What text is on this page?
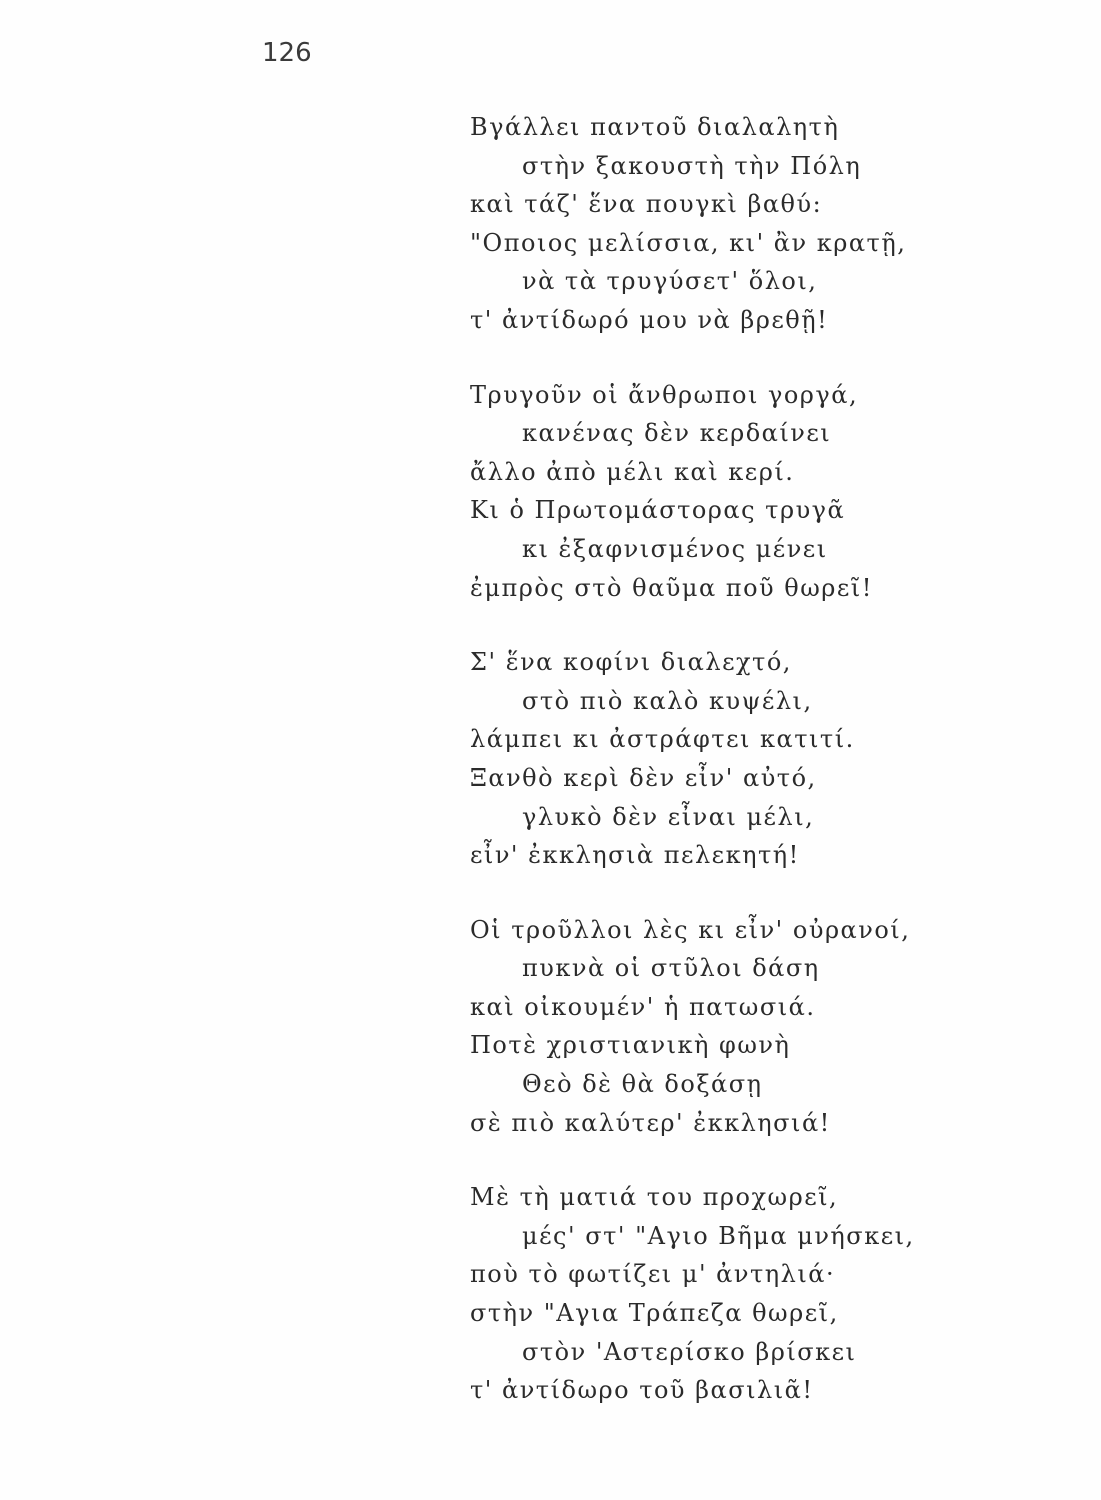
126
Βγάλλει παντοῦ διαλαλητὴ
στὴν ξακουστὴ τὴν Πόλη
καὶ τάζ' ἕνα πουγκὶ βαθύ:
"Οποιος μελίσσια, κι' ἂν κρατῇ,
νὰ τὰ τρυγύσετ' ὅλοι,
τ' ἀντίδωρό μου νὰ βρεθῇ!
Τρυγοῦν οἱ ἄνθρωποι γοργά,
κανένας δὲν κερδαίνει
ἄλλο ἀπὸ μέλι καὶ κερί.
Κι ὁ Πρωτομάστορας τρυγᾶ
κι ἐξαφνισμένος μένει
ἐμπρὸς στὸ θαῦμα ποῦ θωρεῖ!
Σ' ἕνα κοφίνι διαλεχτό,
στὸ πιὸ καλὸ κυψέλι,
λάμπει κι ἀστράφτει κατιτί.
Ξανθὸ κερὶ δὲν εἶν' αὐτό,
γλυκὸ δὲν εἶναι μέλι,
εἶν' ἐκκλησιὰ πελεκητή!
Οἱ τροῦλλοι λὲς κι εἶν' οὐρανοί,
πυκνὰ οἱ στῦλοι δάση
καὶ οἰκουμέν' ἡ πατωσιά.
Ποτὲ χριστιανικὴ φωνὴ
Θεὸ δὲ θὰ δοξάσῃ
σὲ πιὸ καλύτερ' ἐκκλησιά!
Μὲ τὴ ματιά του προχωρεῖ,
μές' στ' "Αγιο Βῆμα μνήσκει,
ποὺ τὸ φωτίζει μ' ἀντηλιά·
στὴν "Αγια Τράπεζα θωρεῖ,
στὸν 'Αστερίσκο βρίσκει
τ' ἀντίδωρο τοῦ βασιλιᾶ!
